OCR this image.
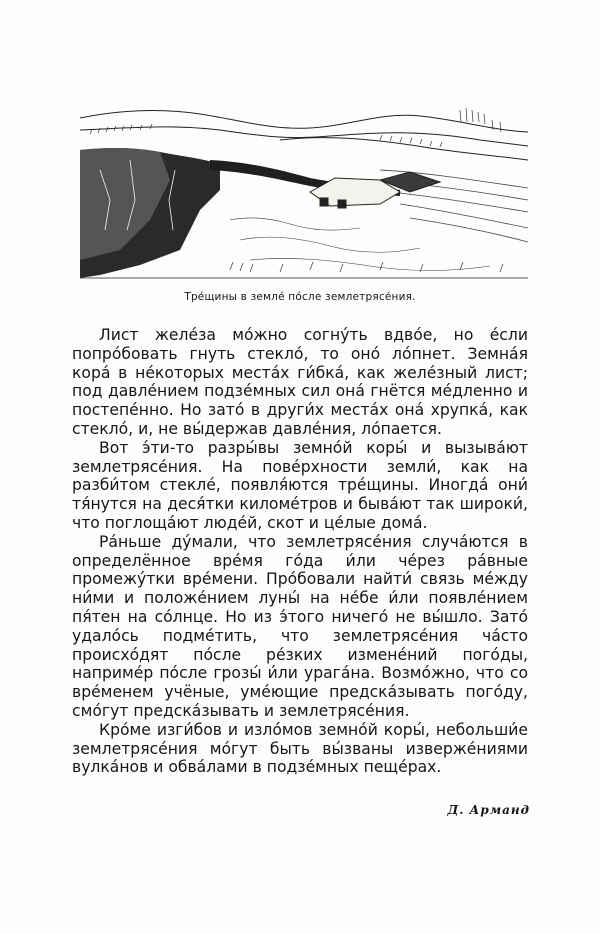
Тре́щины в земле́ по́сле землетрясе́ния.

Лист желе́за мо́жно согну́ть вдво́е, но е́сли попро́бовать гнуть стекло́, то оно́ ло́пнет. Земна́я кора́ в не́которых места́х ги́бка́, как желе́зный лист; под давле́нием подзе́мных сил она́ гнётся ме́дленно и постепе́нно. Но зато́ в други́х места́х она́ хрупка́, как стекло́, и, не вы́держав давле́ния, ло́пается.

Вот э́ти-то разры́вы земно́й коры́ и вызыва́ют землетрясе́ния. На пове́рхности земли́, как на разби́том стекле́, появля́ются тре́щины. Иногда́ они́ тя́нутся на деся́тки киломе́тров и быва́ют так широки́, что поглоща́ют люде́й, скот и це́лые дома́.

Ра́ньше ду́мали, что землетрясе́ния случа́ются в определённое вре́мя го́да и́ли че́рез ра́вные промежу́тки вре́мени. Про́бовали найти́ связь ме́жду ни́ми и положе́нием луны́ на не́бе и́ли появле́нием пя́тен на со́лнце. Но из э́того ничего́ не вы́шло. Зато́ удало́сь подме́тить, что землетрясе́ния ча́сто происхо́дят по́сле ре́зких измене́ний пого́ды, наприме́р по́сле грозы́ и́ли урага́на. Возмо́жно, что со вре́менем учёные, уме́ющие предска́зывать пого́ду, смо́гут предска́зывать и землетрясе́ния.

Кро́ме изги́бов и изло́мов земно́й коры́, небольши́е землетрясе́ния мо́гут быть вы́званы изверже́ниями вулка́нов и обва́лами в подзе́мных пеще́рах.

Д. Арманд
